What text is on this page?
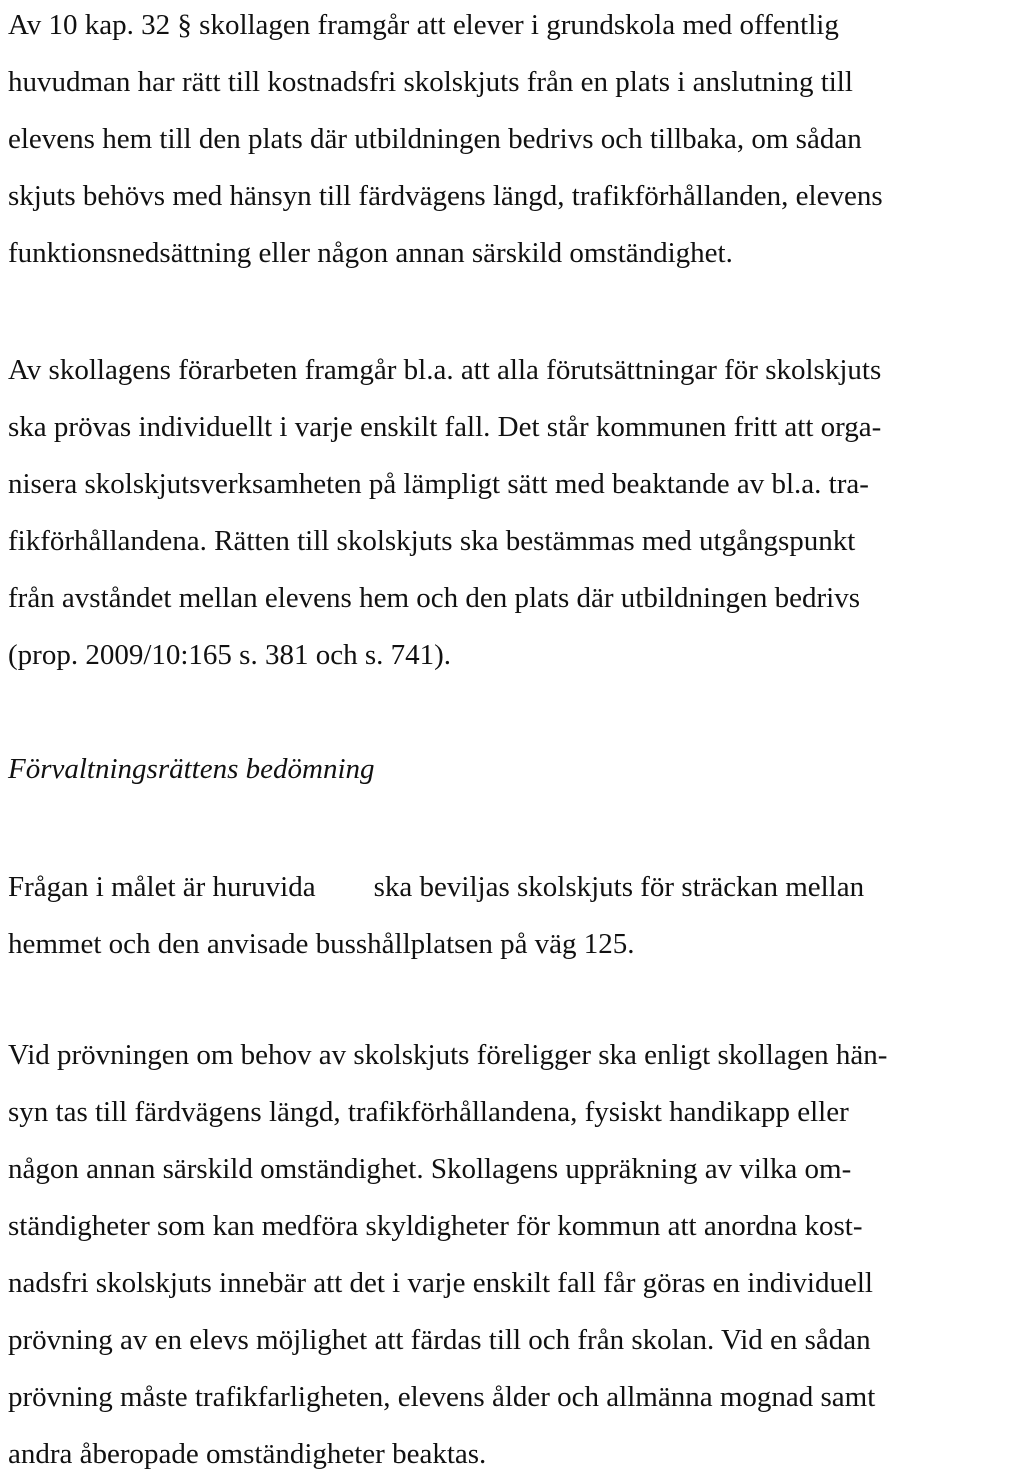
Av 10 kap. 32 § skollagen framgår att elever i grundskola med offentlig
huvudman har rätt till kostnadsfri skolskjuts från en plats i anslutning till
elevens hem till den plats där utbildningen bedrivs och tillbaka, om sådan
skjuts behövs med hänsyn till färdvägens längd, trafikförhållanden, elevens
funktionsnedsättning eller någon annan särskild omständighet.
Av skollagens förarbeten framgår bl.a. att alla förutsättningar för skolskjuts
ska prövas individuellt i varje enskilt fall. Det står kommunen fritt att orga-
nisera skolskjutsverksamheten på lämpligt sätt med beaktande av bl.a. tra-
fikförhållandena. Rätten till skolskjuts ska bestämmas med utgångspunkt
från avståndet mellan elevens hem och den plats där utbildningen bedrivs
(prop. 2009/10:165 s. 381 och s. 741).
Förvaltningsrättens bedömning
Frågan i målet är huruvida ska beviljas skolskjuts för sträckan mellan
hemmet och den anvisade busshållplatsen på väg 125.
Vid prövningen om behov av skolskjuts föreligger ska enligt skollagen hän-
syn tas till färdvägens längd, trafikförhållandena, fysiskt handikapp eller
någon annan särskild omständighet. Skollagens uppräkning av vilka om-
ständigheter som kan medföra skyldigheter för kommun att anordna kost-
nadsfri skolskjuts innebär att det i varje enskilt fall får göras en individuell
prövning av en elevs möjlighet att färdas till och från skolan. Vid en sådan
prövning måste trafikfarligheten, elevens ålder och allmänna mognad samt
andra åberopade omständigheter beaktas.
